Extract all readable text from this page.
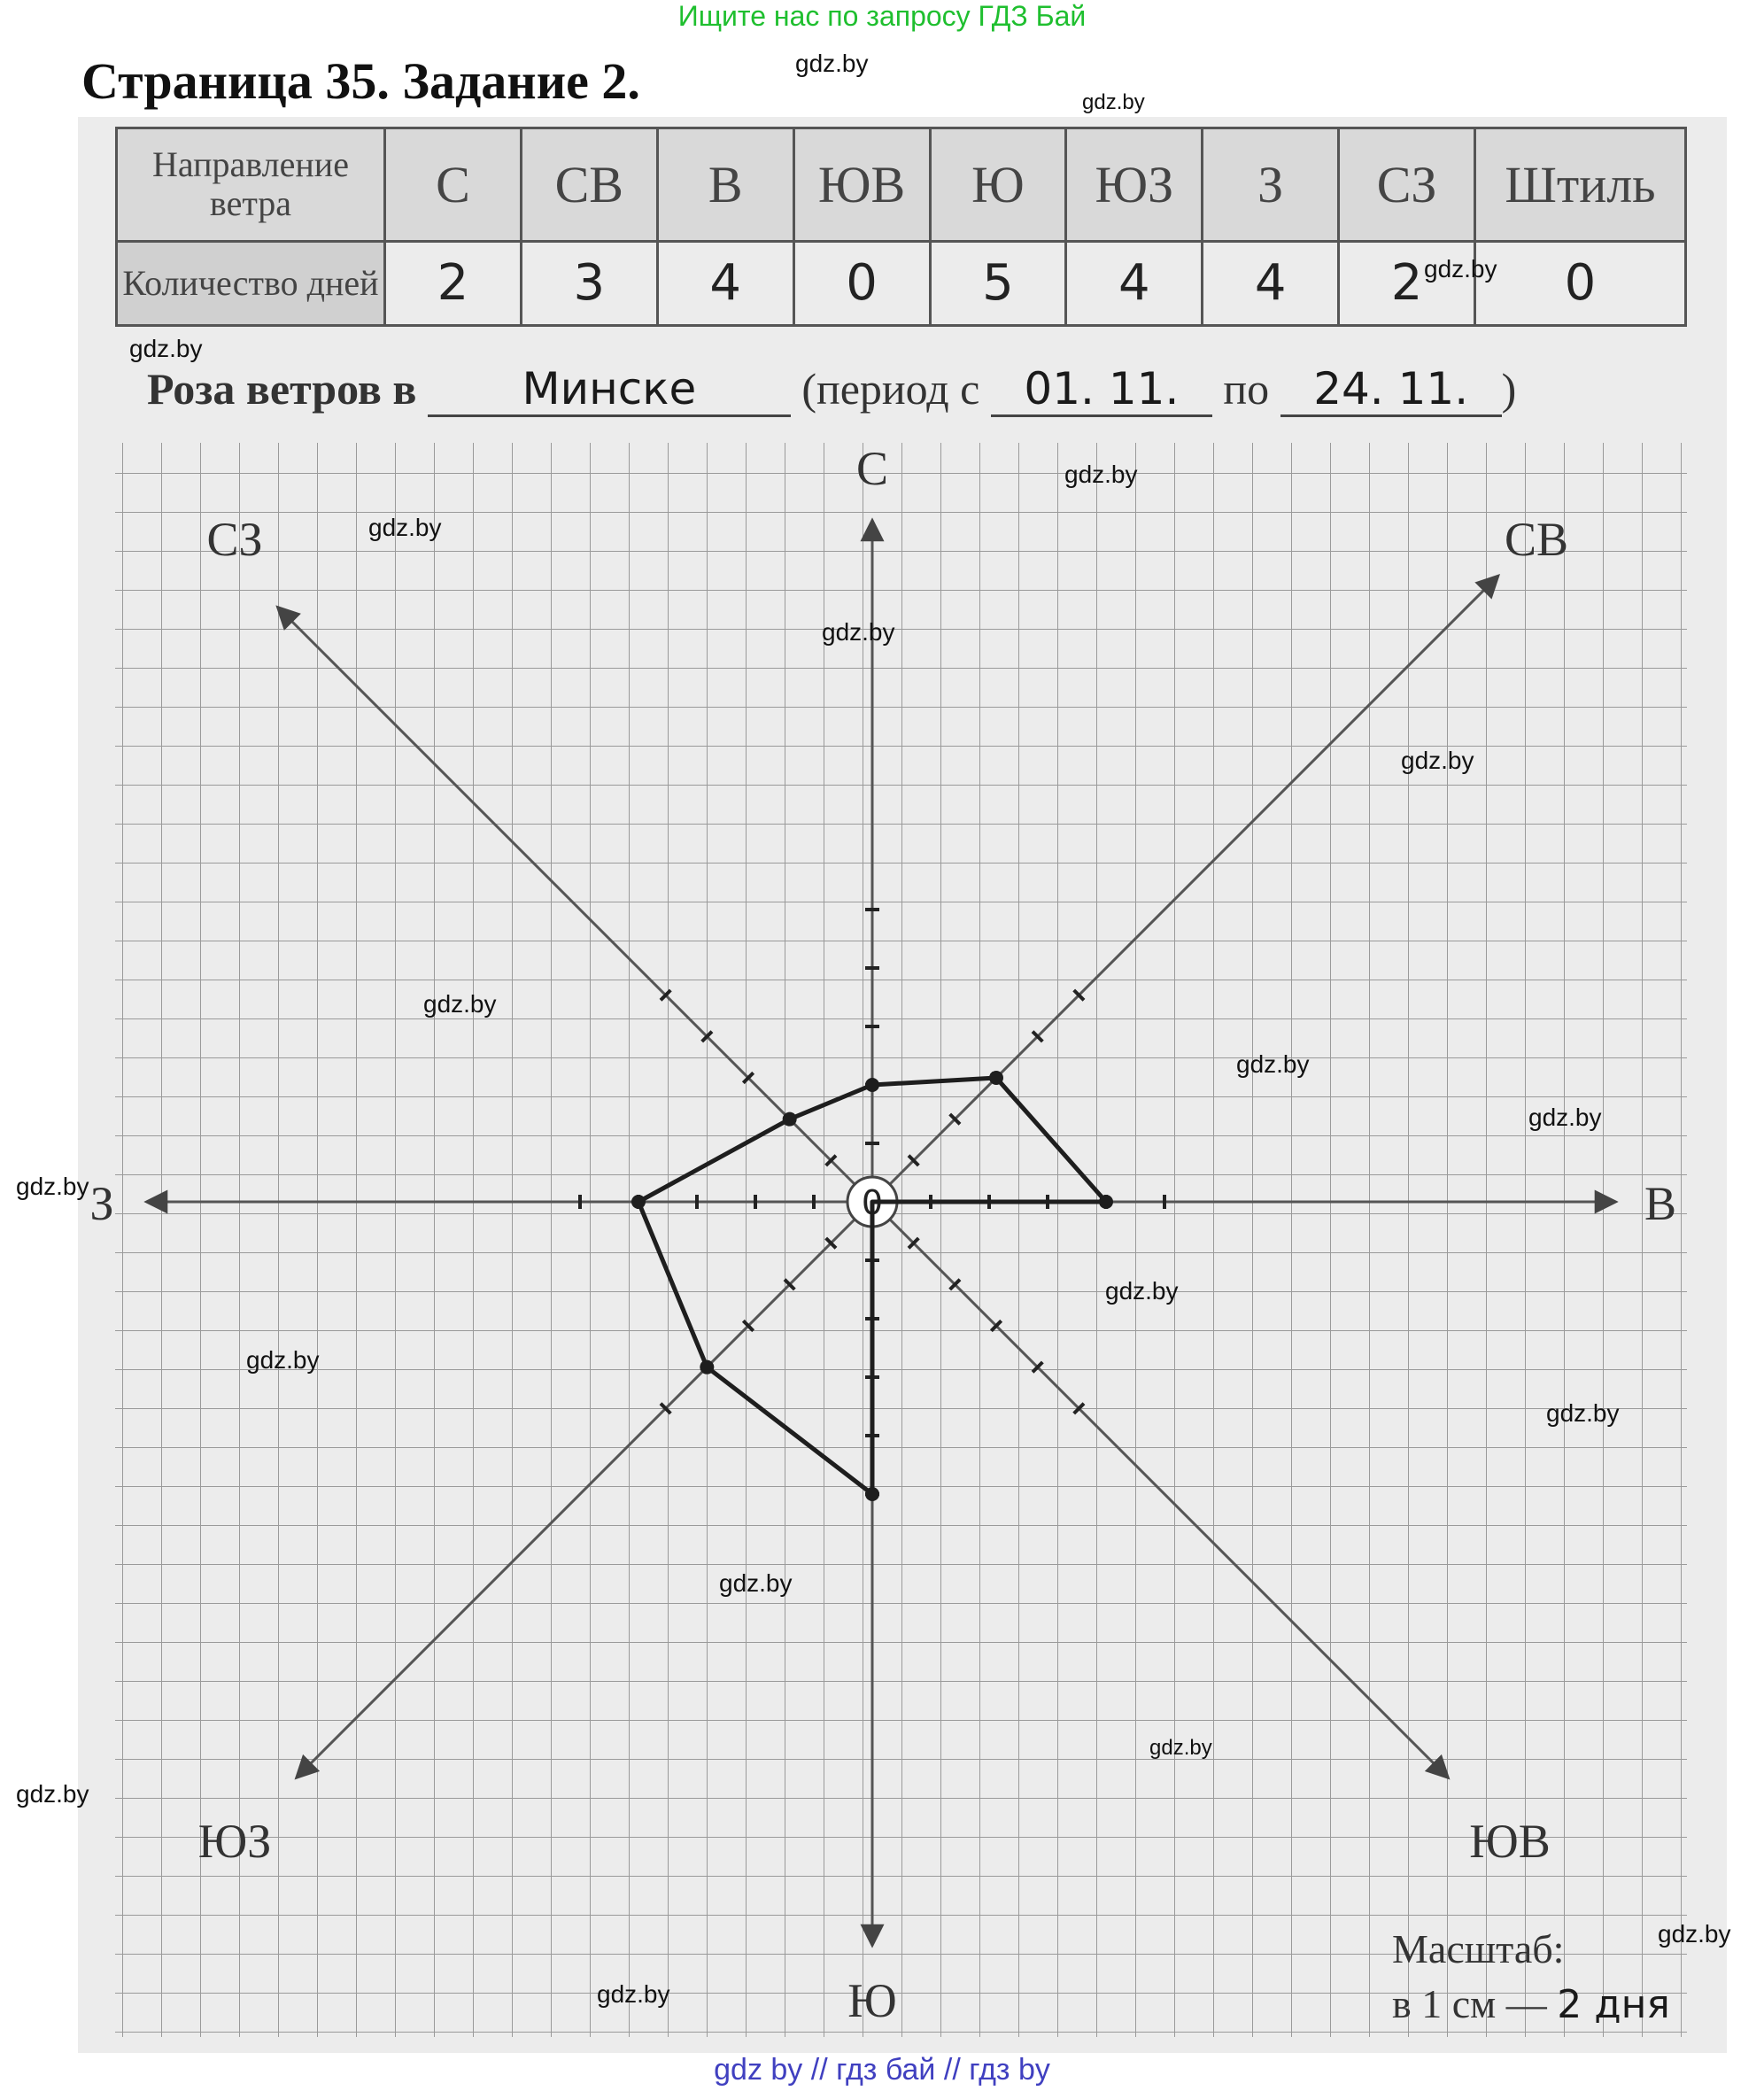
Ищите нас по запросу ГДЗ Бай
Страница 35. Задание 2.
Направление ветра	С	СВ	В	ЮВ	Ю	ЮЗ	З	СЗ	Штиль
Количество дней	2	3	4	0	5	4	4	2	0
Роза ветров в Минске (период с 01. 11. по 24. 11. )
С
СВ
В
ЮВ
Ю
ЮЗ
З
СЗ
0
Масштаб:
в 1 см — 2 дня
gdz.by
gdz.by
gdz.by
gdz.by
gdz.by
gdz.by
gdz.by
gdz.by
gdz.by
gdz.by
gdz.by
gdz.by
gdz.by
gdz.by
gdz.by
gdz.by
gdz.by
gdz.by
gdz.by
gdz.by
gdz by // гдз бай // гдз by
